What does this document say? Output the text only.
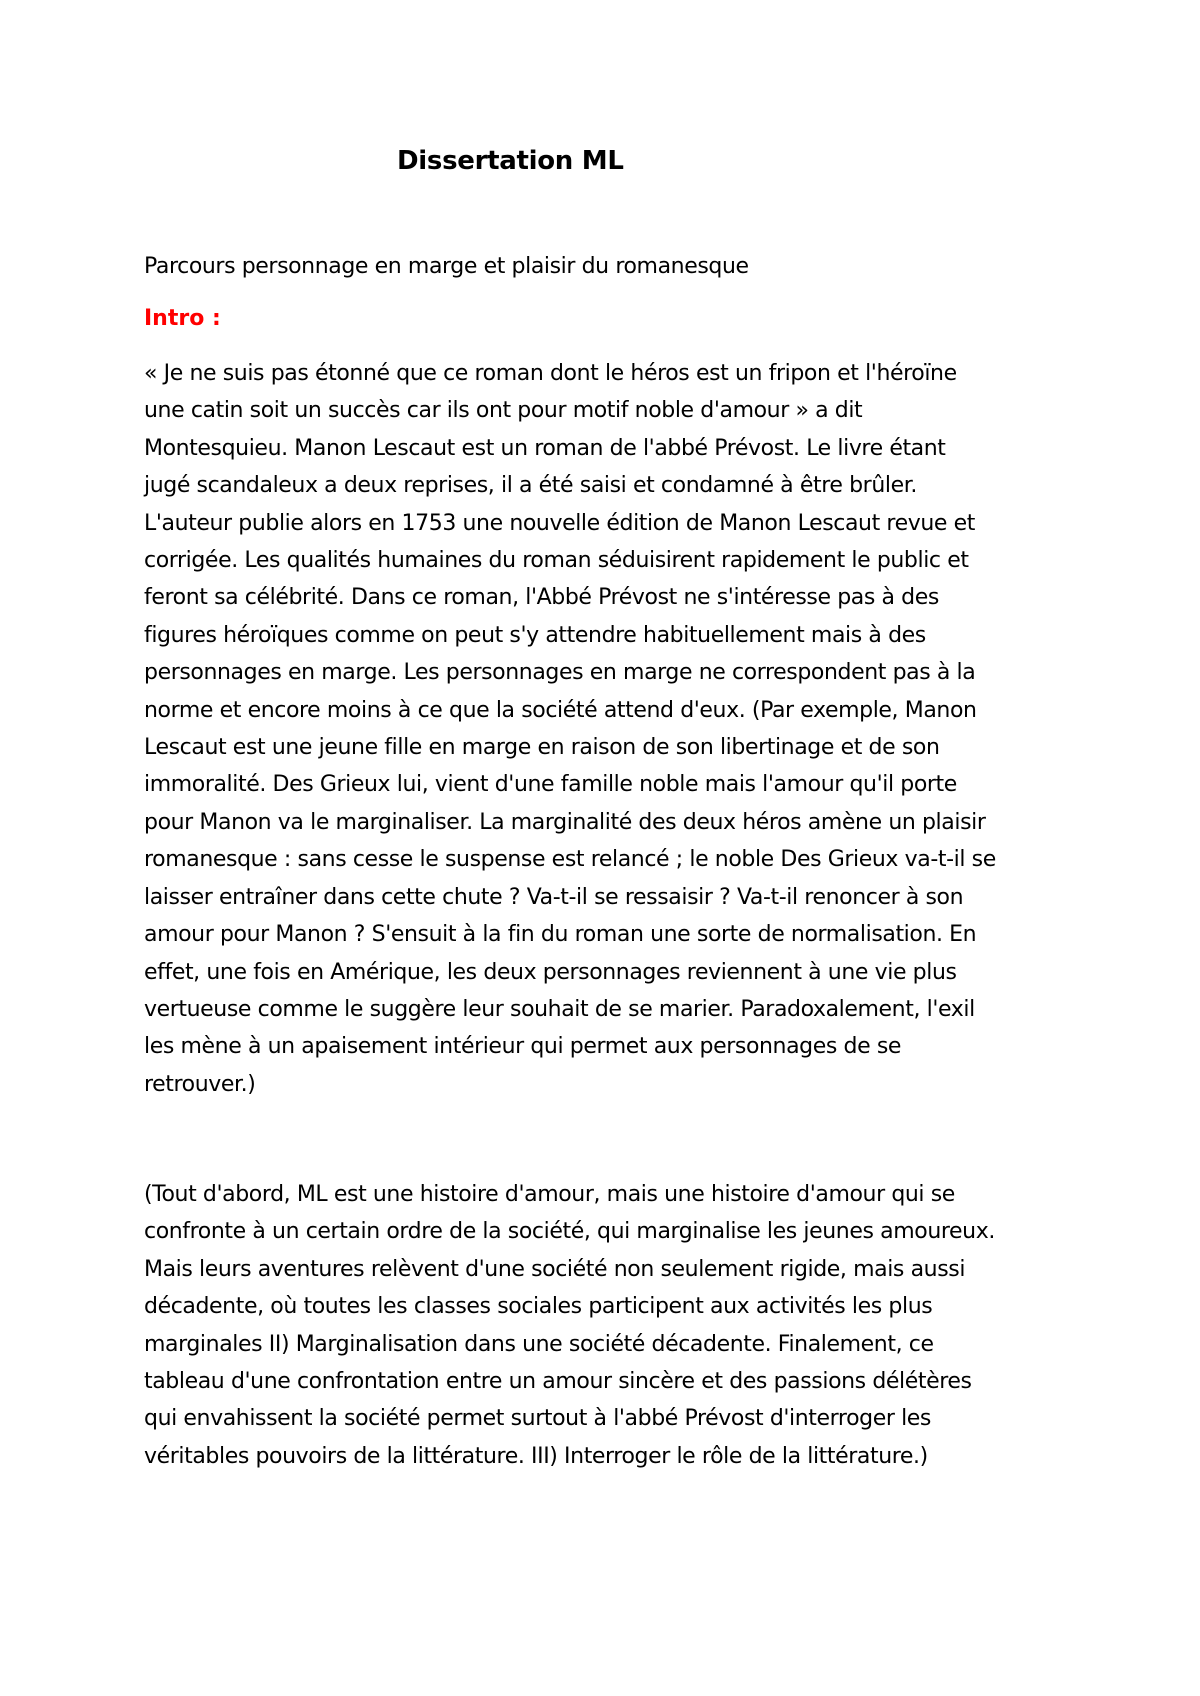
Dissertation ML

Parcours personnage en marge et plaisir du romanesque

Intro :

« Je ne suis pas étonné que ce roman dont le héros est un fripon et l'héroïne
une catin soit un succès car ils ont pour motif noble d'amour » a dit
Montesquieu. Manon Lescaut est un roman de l'abbé Prévost. Le livre étant
jugé scandaleux a deux reprises, il a été saisi et condamné à être brûler.
L'auteur publie alors en 1753 une nouvelle édition de Manon Lescaut revue et
corrigée. Les qualités humaines du roman séduisirent rapidement le public et
feront sa célébrité. Dans ce roman, l'Abbé Prévost ne s'intéresse pas à des
figures héroïques comme on peut s'y attendre habituellement mais à des
personnages en marge. Les personnages en marge ne correspondent pas à la
norme et encore moins à ce que la société attend d'eux. (Par exemple, Manon
Lescaut est une jeune fille en marge en raison de son libertinage et de son
immoralité. Des Grieux lui, vient d'une famille noble mais l'amour qu'il porte
pour Manon va le marginaliser. La marginalité des deux héros amène un plaisir
romanesque : sans cesse le suspense est relancé ; le noble Des Grieux va-t-il se
laisser entraîner dans cette chute ? Va-t-il se ressaisir ? Va-t-il renoncer à son
amour pour Manon ? S'ensuit à la fin du roman une sorte de normalisation. En
effet, une fois en Amérique, les deux personnages reviennent à une vie plus
vertueuse comme le suggère leur souhait de se marier. Paradoxalement, l'exil
les mène à un apaisement intérieur qui permet aux personnages de se
retrouver.)
(Tout d'abord, ML est une histoire d'amour, mais une histoire d'amour qui se
confronte à un certain ordre de la société, qui marginalise les jeunes amoureux.
Mais leurs aventures relèvent d'une société non seulement rigide, mais aussi
décadente, où toutes les classes sociales participent aux activités les plus
marginales II) Marginalisation dans une société décadente. Finalement, ce
tableau d'une confrontation entre un amour sincère et des passions délétères
qui envahissent la société permet surtout à l'abbé Prévost d'interroger les
véritables pouvoirs de la littérature. III) Interroger le rôle de la littérature.)
